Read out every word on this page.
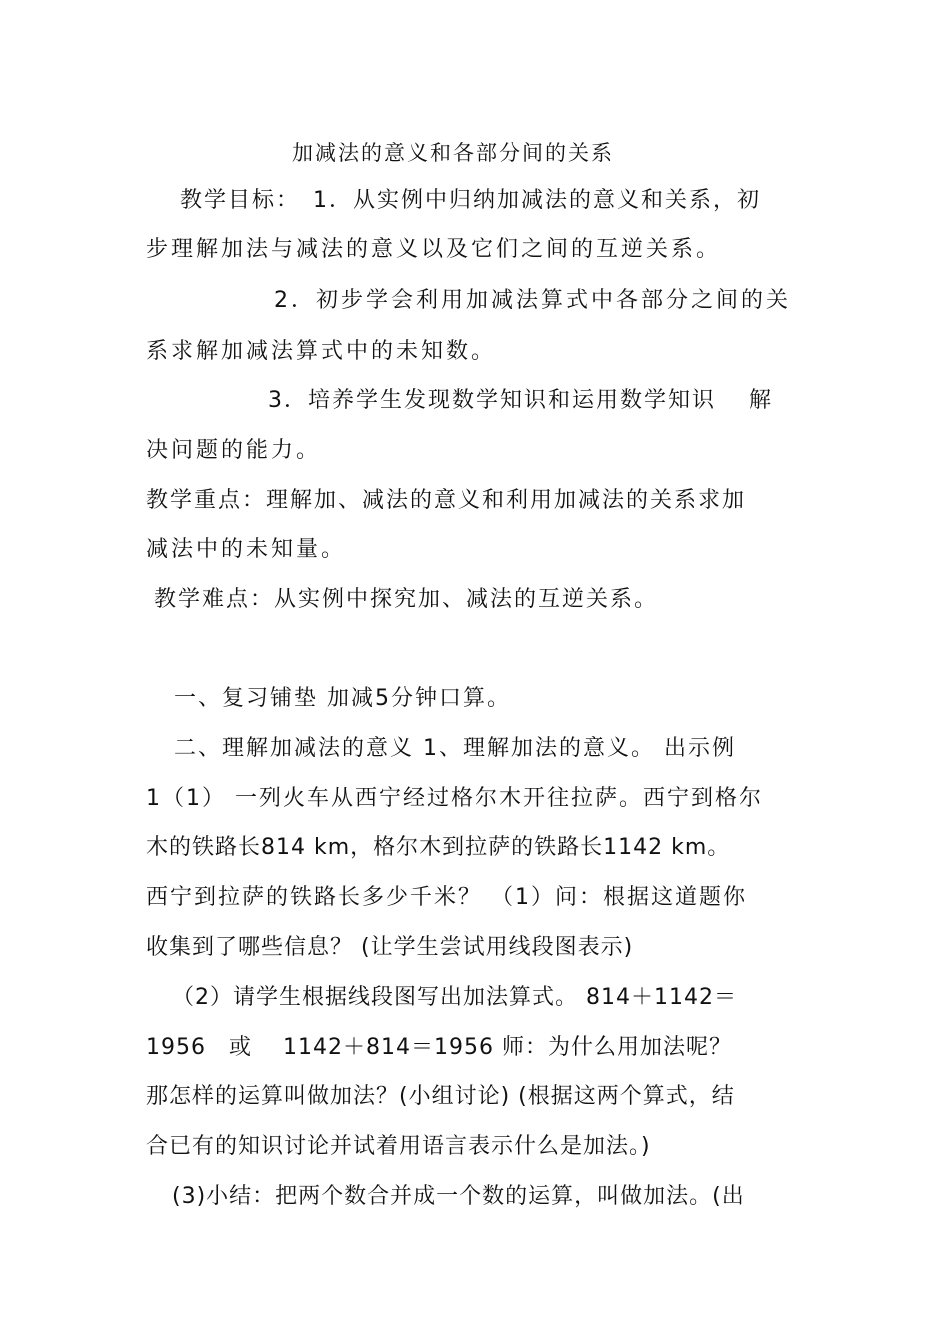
加减法的意义和各部分间的关系
教学目标：　1．从实例中归纳加减法的意义和关系，初
步理解加法与减法的意义以及它们之间的互逆关系。
2．初步学会利用加减法算式中各部分之间的关
系求解加减法算式中的未知数。
3．培养学生发现数学知识和运用数学知识　 解
决问题的能力。
教学重点：理解加、减法的意义和利用加减法的关系求加
减法中的未知量。
教学难点：从实例中探究加、减法的互逆关系。
一、复习铺垫 加减5分钟口算。
二、理解加减法的意义 1、理解加法的意义。 出示例
1（1） 一列火车从西宁经过格尔木开往拉萨。西宁到格尔
木的铁路长814 km，格尔木到拉萨的铁路长1142 km。
西宁到拉萨的铁路长多少千米？ （1）问：根据这道题你
收集到了哪些信息？ (让学生尝试用线段图表示)
（2）请学生根据线段图写出加法算式。 814＋1142＝
1956　或　 1142＋814＝1956 师：为什么用加法呢？
那怎样的运算叫做加法？(小组讨论) (根据这两个算式，结
合已有的知识讨论并试着用语言表示什么是加法。)
(3)小结：把两个数合并成一个数的运算，叫做加法。(出
